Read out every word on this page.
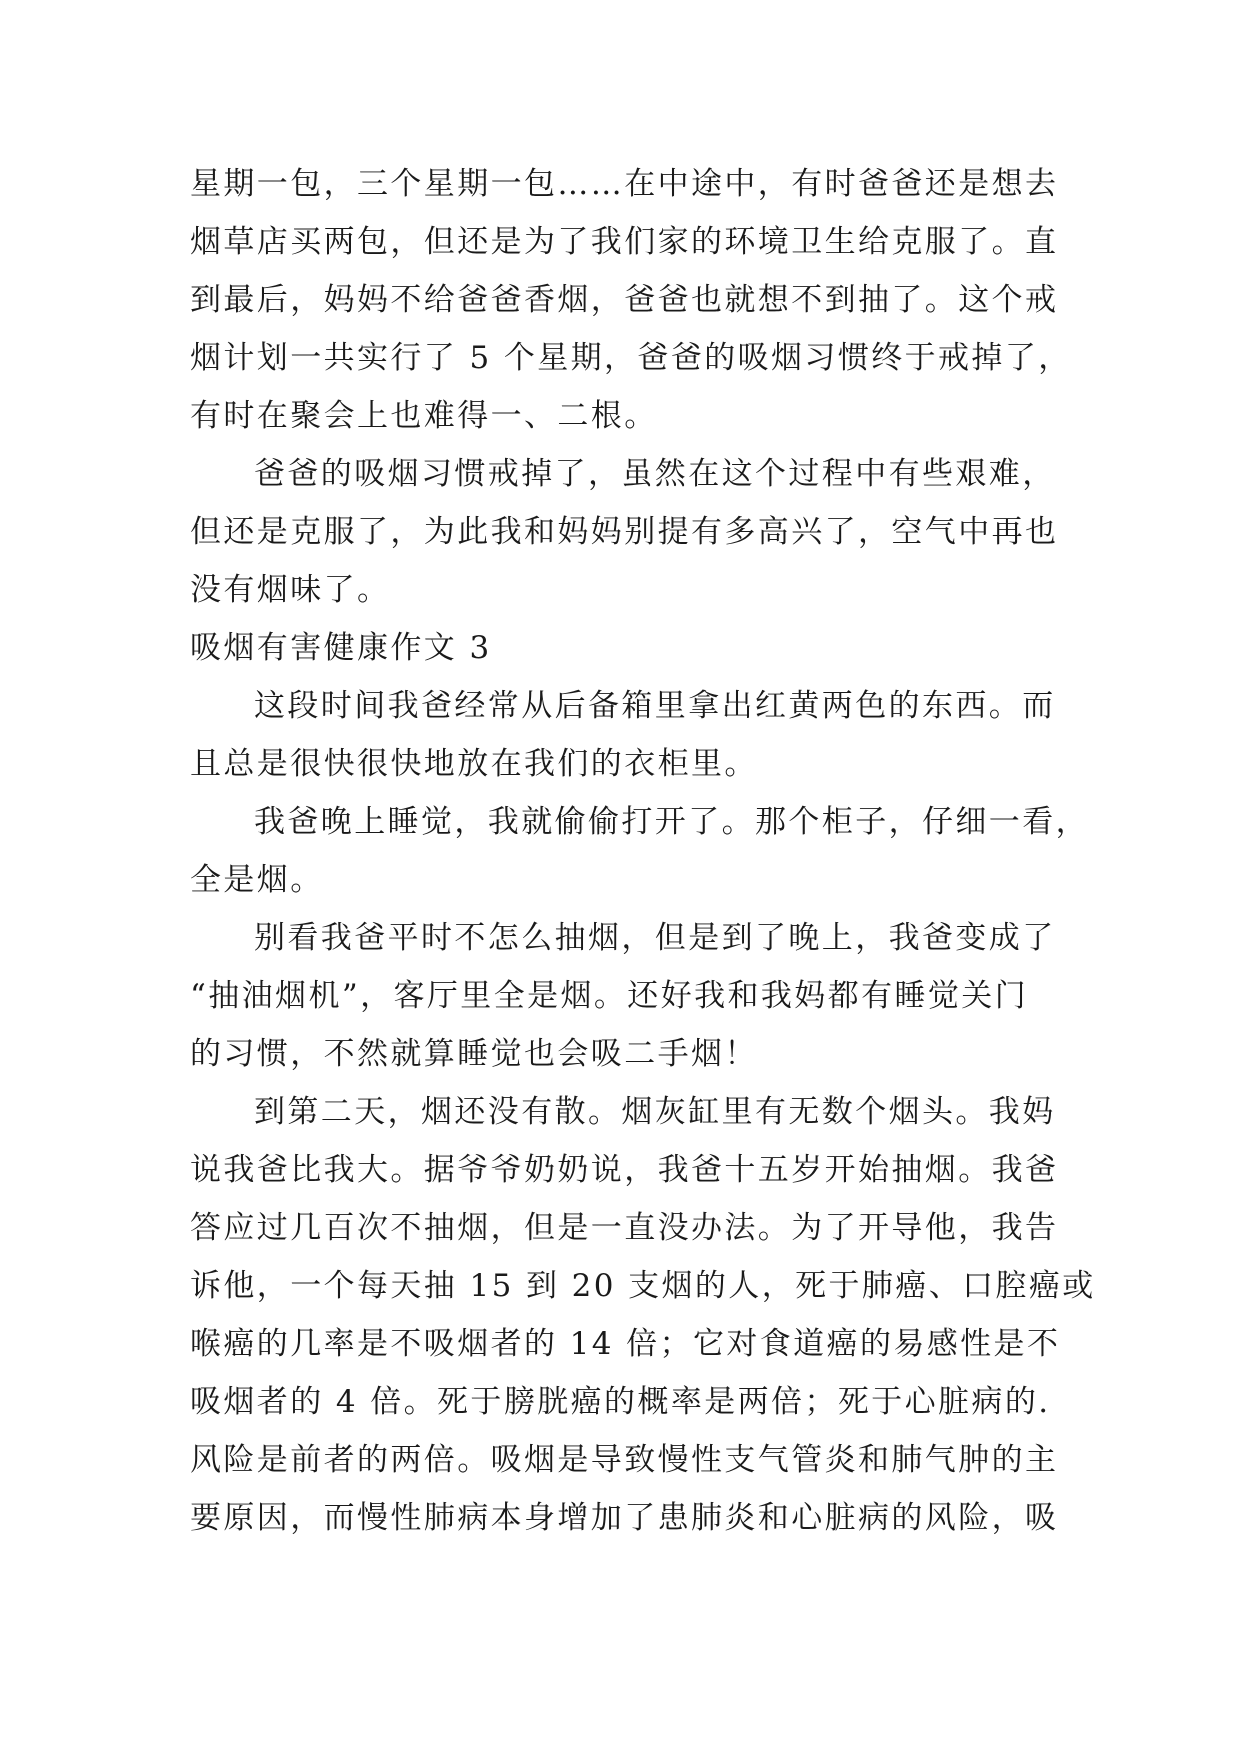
星期一包，三个星期一包……在中途中，有时爸爸还是想去
烟草店买两包，但还是为了我们家的环境卫生给克服了。直
到最后，妈妈不给爸爸香烟，爸爸也就想不到抽了。这个戒
烟计划一共实行了 5 个星期，爸爸的吸烟习惯终于戒掉了，
有时在聚会上也难得一、二根。
爸爸的吸烟习惯戒掉了，虽然在这个过程中有些艰难，
但还是克服了，为此我和妈妈别提有多高兴了，空气中再也
没有烟味了。
吸烟有害健康作文 3
这段时间我爸经常从后备箱里拿出红黄两色的东西。而
且总是很快很快地放在我们的衣柜里。
我爸晚上睡觉，我就偷偷打开了。那个柜子，仔细一看，
全是烟。
别看我爸平时不怎么抽烟，但是到了晚上，我爸变成了
“抽油烟机”，客厅里全是烟。还好我和我妈都有睡觉关门
的习惯，不然就算睡觉也会吸二手烟！
到第二天，烟还没有散。烟灰缸里有无数个烟头。我妈
说我爸比我大。据爷爷奶奶说，我爸十五岁开始抽烟。我爸
答应过几百次不抽烟，但是一直没办法。为了开导他，我告
诉他，一个每天抽 15 到 20 支烟的人，死于肺癌、口腔癌或
喉癌的几率是不吸烟者的 14 倍；它对食道癌的易感性是不
吸烟者的 4 倍。死于膀胱癌的概率是两倍；死于心脏病的.
风险是前者的两倍。吸烟是导致慢性支气管炎和肺气肿的主
要原因，而慢性肺病本身增加了患肺炎和心脏病的风险，吸
